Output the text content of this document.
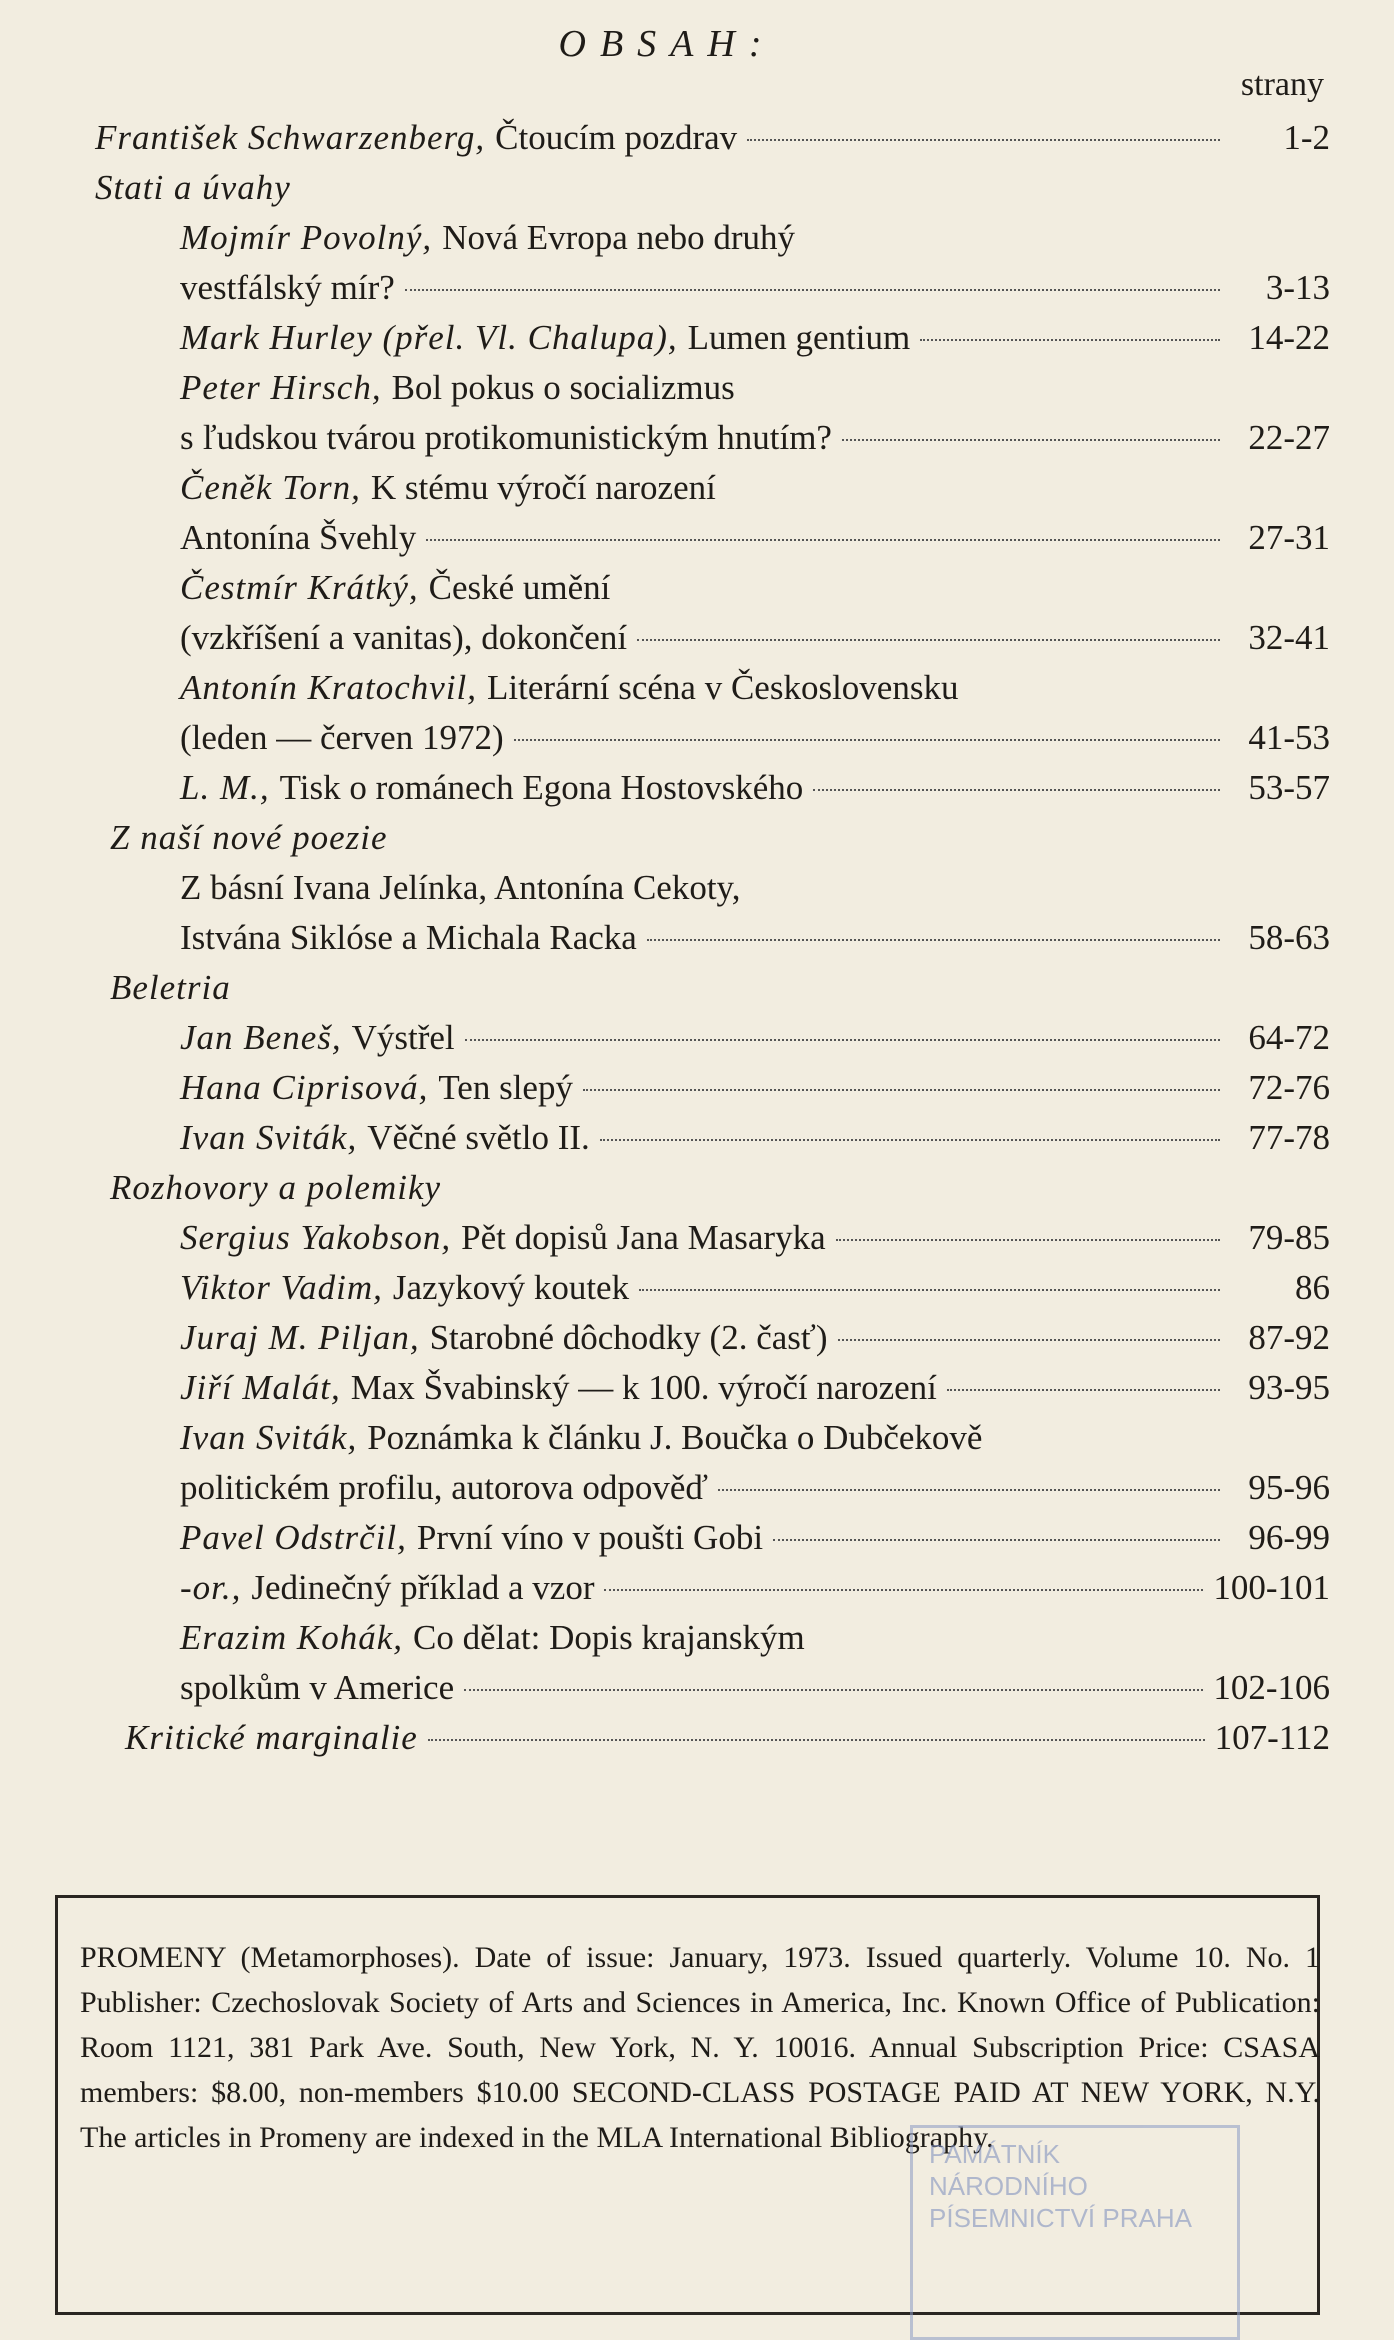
OBSAH:
strany
PROMENY (Metamorphoses). Date of issue: January, 1973. Issued quarterly. Volume 10. No. 1 Publisher: Czechoslovak Society of Arts and Sciences in America, Inc. Known Office of Publication: Room 1121, 381 Park Ave. South, New York, N. Y. 10016. Annual Subscription Price: CSASA members: $8.00, non-members $10.00 SECOND-CLASS POSTAGE PAID AT NEW YORK, N.Y. The articles in Promeny are indexed in the MLA International Bibliography.
PAMÁTNÍK NÁRODNÍHO PÍSEMNICTVÍ PRAHA
František Schwarzenberg, Čtoucím pozdrav	1-2
Stati a úvahy
Mojmír Povolný, Nová Evropa nebo druhý
vestfálský mír?	3-13
Mark Hurley (přel. Vl. Chalupa), Lumen gentium	14-22
Peter Hirsch, Bol pokus o socializmus
s ľudskou tvárou protikomunistickým hnutím?	22-27
Čeněk Torn, K stému výročí narození
Antonína Švehly	27-31
Čestmír Krátký, České umění
(vzkříšení a vanitas), dokončení	32-41
Antonín Kratochvil, Literární scéna v Československu
(leden — červen 1972)	41-53
L. M., Tisk o románech Egona Hostovského	53-57
Z naší nové poezie
Z básní Ivana Jelínka, Antonína Cekoty,
Istvána Siklóse a Michala Racka	58-63
Beletria
Jan Beneš, Výstřel	64-72
Hana Ciprisová, Ten slepý	72-76
Ivan Sviták, Věčné světlo II.	77-78
Rozhovory a polemiky
Sergius Yakobson, Pět dopisů Jana Masaryka	79-85
Viktor Vadim, Jazykový koutek	86
Juraj M. Piljan, Starobné dôchodky (2. časť)	87-92
Jiří Malát, Max Švabinský — k 100. výročí narození	93-95
Ivan Sviták, Poznámka k článku J. Boučka o Dubčekově
politickém profilu, autorova odpověď	95-96
Pavel Odstrčil, První víno v poušti Gobi	96-99
-or., Jedinečný příklad a vzor	100-101
Erazim Kohák, Co dělat: Dopis krajanským
spolkům v Americe	102-106
Kritické marginalie	107-112
